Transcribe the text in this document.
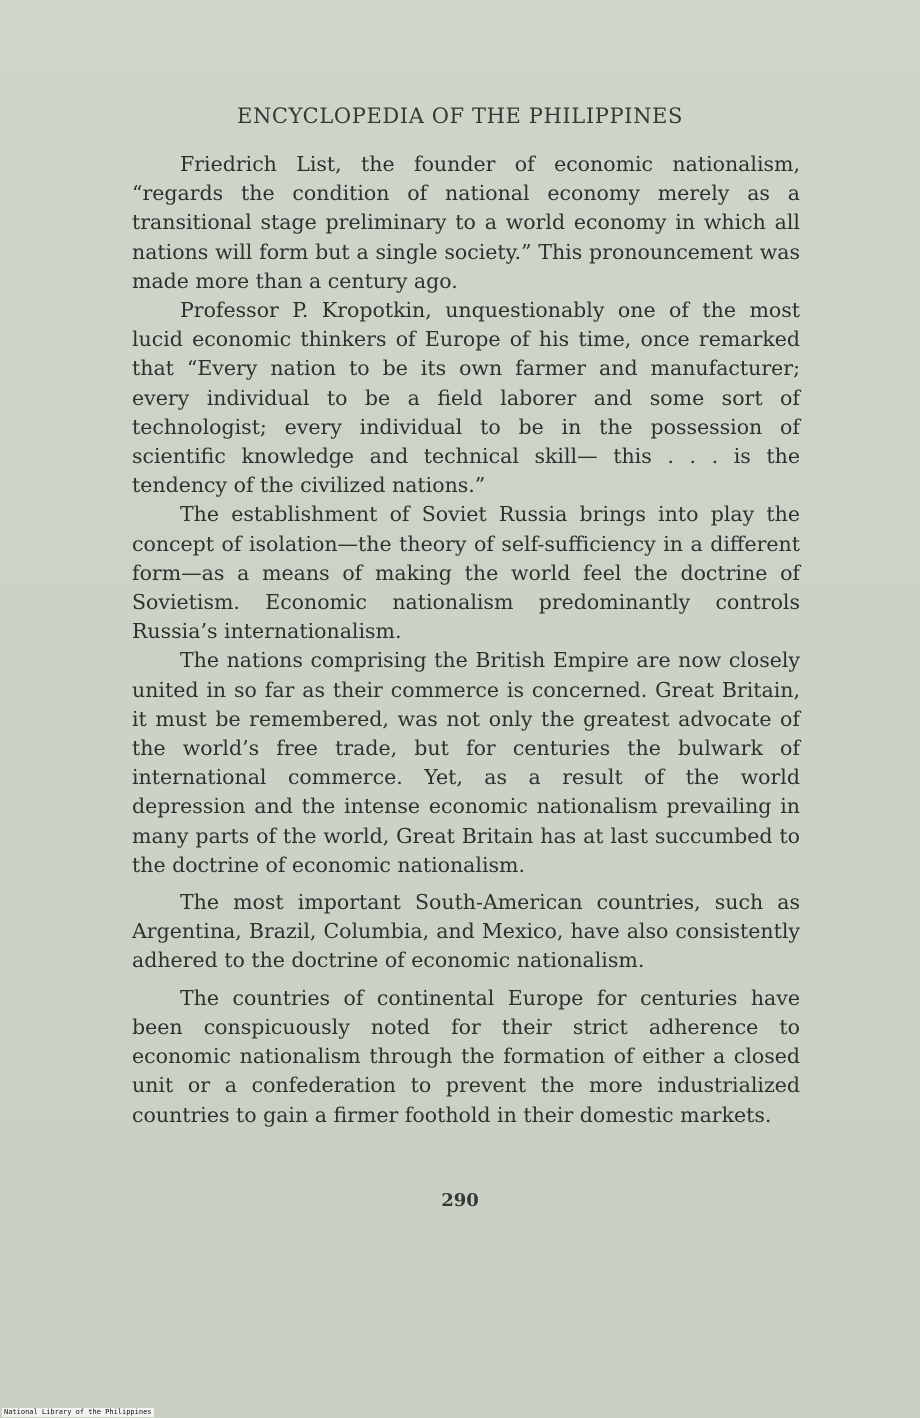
ENCYCLOPEDIA OF THE PHILIPPINES

Friedrich List, the founder of economic nationalism, “regards the condition of national economy merely as a transitional stage preliminary to a world economy in which all nations will form but a single society.” This pronouncement was made more than a century ago.

Professor P. Kropotkin, unquestionably one of the most lucid economic thinkers of Europe of his time, once remarked that “Every nation to be its own farmer and manufacturer; every individual to be a field laborer and some sort of technologist; every individual to be in the possession of scientific knowledge and technical skill— this . . . is the tendency of the civilized nations.”

The establishment of Soviet Russia brings into play the concept of isolation—the theory of self-sufficiency in a different form—as a means of making the world feel the doctrine of Sovietism. Economic nationalism predominantly controls Russia’s internationalism.

The nations comprising the British Empire are now closely united in so far as their commerce is concerned. Great Britain, it must be remembered, was not only the greatest advocate of the world’s free trade, but for centuries the bulwark of international commerce. Yet, as a result of the world depression and the intense economic nationalism prevailing in many parts of the world, Great Britain has at last succumbed to the doctrine of economic nationalism.

The most important South-American countries, such as Argentina, Brazil, Columbia, and Mexico, have also consistently adhered to the doctrine of economic nationalism.

The countries of continental Europe for centuries have been conspicuously noted for their strict adherence to economic nationalism through the formation of either a closed unit or a confederation to prevent the more industrialized countries to gain a firmer foothold in their domestic markets.

290
National Library of the Philippines
